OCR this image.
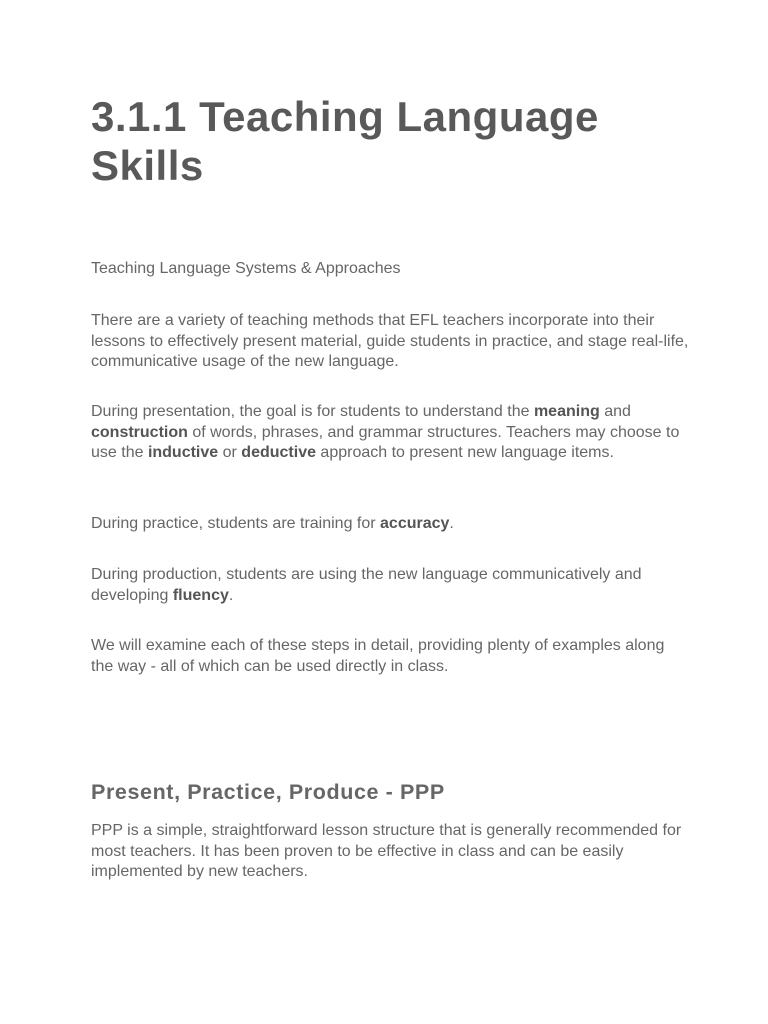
3.1.1 Teaching Language Skills

Teaching Language Systems & Approaches

There are a variety of teaching methods that EFL teachers incorporate into their lessons to effectively present material, guide students in practice, and stage real-life, communicative usage of the new language.

During presentation, the goal is for students to understand the meaning and construction of words, phrases, and grammar structures. Teachers may choose to use the inductive or deductive approach to present new language items.

During practice, students are training for accuracy.

During production, students are using the new language communicatively and developing fluency.

We will examine each of these steps in detail, providing plenty of examples along the way - all of which can be used directly in class.

Present, Practice, Produce - PPP

PPP is a simple, straightforward lesson structure that is generally recommended for most teachers. It has been proven to be effective in class and can be easily implemented by new teachers.
